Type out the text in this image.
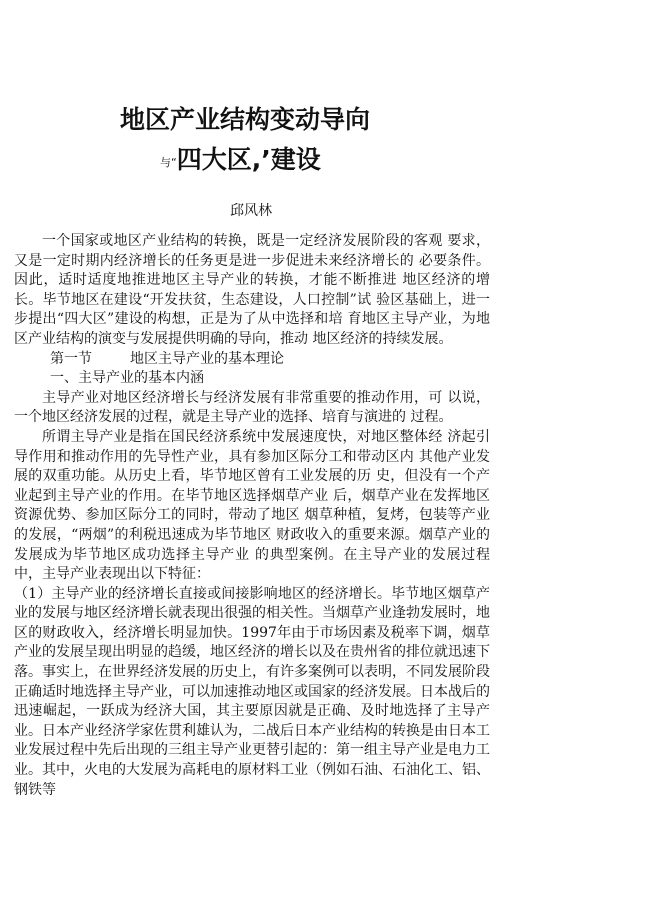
地区产业结构变动导向
与“四大区,’建设
邱风林

一个国家或地区产业结构的转换，既是一定经济发展阶段的客观 要求，又是一定时期内经济增长的任务更是进一步促进未来经济增长的 必要条件。因此，适时适度地推进地区主导产业的转换，才能不断推进 地区经济的增长。毕节地区在建设“开发扶贫，生态建设，人口控制”试 验区基础上，进一步提出“四大区”建设的构想，正是为了从中选择和培 育地区主导产业，为地区产业结构的演变与发展提供明确的导向，推动 地区经济的持续发展。

第一节	地区主导产业的基本理论

一、主导产业的基本内涵

主导产业对地区经济增长与经济发展有非常重要的推动作用，可 以说，一个地区经济发展的过程，就是主导产业的选择、培育与演进的 过程。

所谓主导产业是指在国民经济系统中发展速度快，对地区整体经 济起引导作用和推动作用的先导性产业，具有参加区际分工和带动区内 其他产业发展的双重功能。从历史上看，毕节地区曾有工业发展的历 史，但没有一个产业起到主导产业的作用。在毕节地区选择烟草产业 后，烟草产业在发挥地区资源优势、参加区际分工的同时，带动了地区 烟草种植，复烤，包装等产业的发展，“两烟”的利税迅速成为毕节地区 财政收入的重要来源。烟草产业的发展成为毕节地区成功选择主导产业 的典型案例。在主导产业的发展过程中，主导产业表现出以下特征：

（1）主导产业的经济增长直接或间接影响地区的经济增长。毕节地区烟草产业的发展与地区经济增长就表现出很强的相关性。当烟草产业逢勃发展时，地区的财政收入，经济增长明显加快。1997年由于市场因素及税率下调，烟草产业的发展呈现出明显的趋缓，地区经济的增长以及在贵州省的排位就迅速下落。事实上，在世界经济发展的历史上，有许多案例可以表明，不同发展阶段正确适时地选择主导产业，可以加速推动地区或国家的经济发展。日本战后的迅速崛起，一跃成为经济大国，其主要原因就是正确、及时地选择了主导产业。日本产业经济学家佐贯利雄认为，二战后日本产业结构的转换是由日本工业发展过程中先后出现的三组主导产业更替引起的：第一组主导产业是电力工业。其中，火电的大发展为高耗电的原材料工业（例如石油、石油化工、铝、钢铁等
